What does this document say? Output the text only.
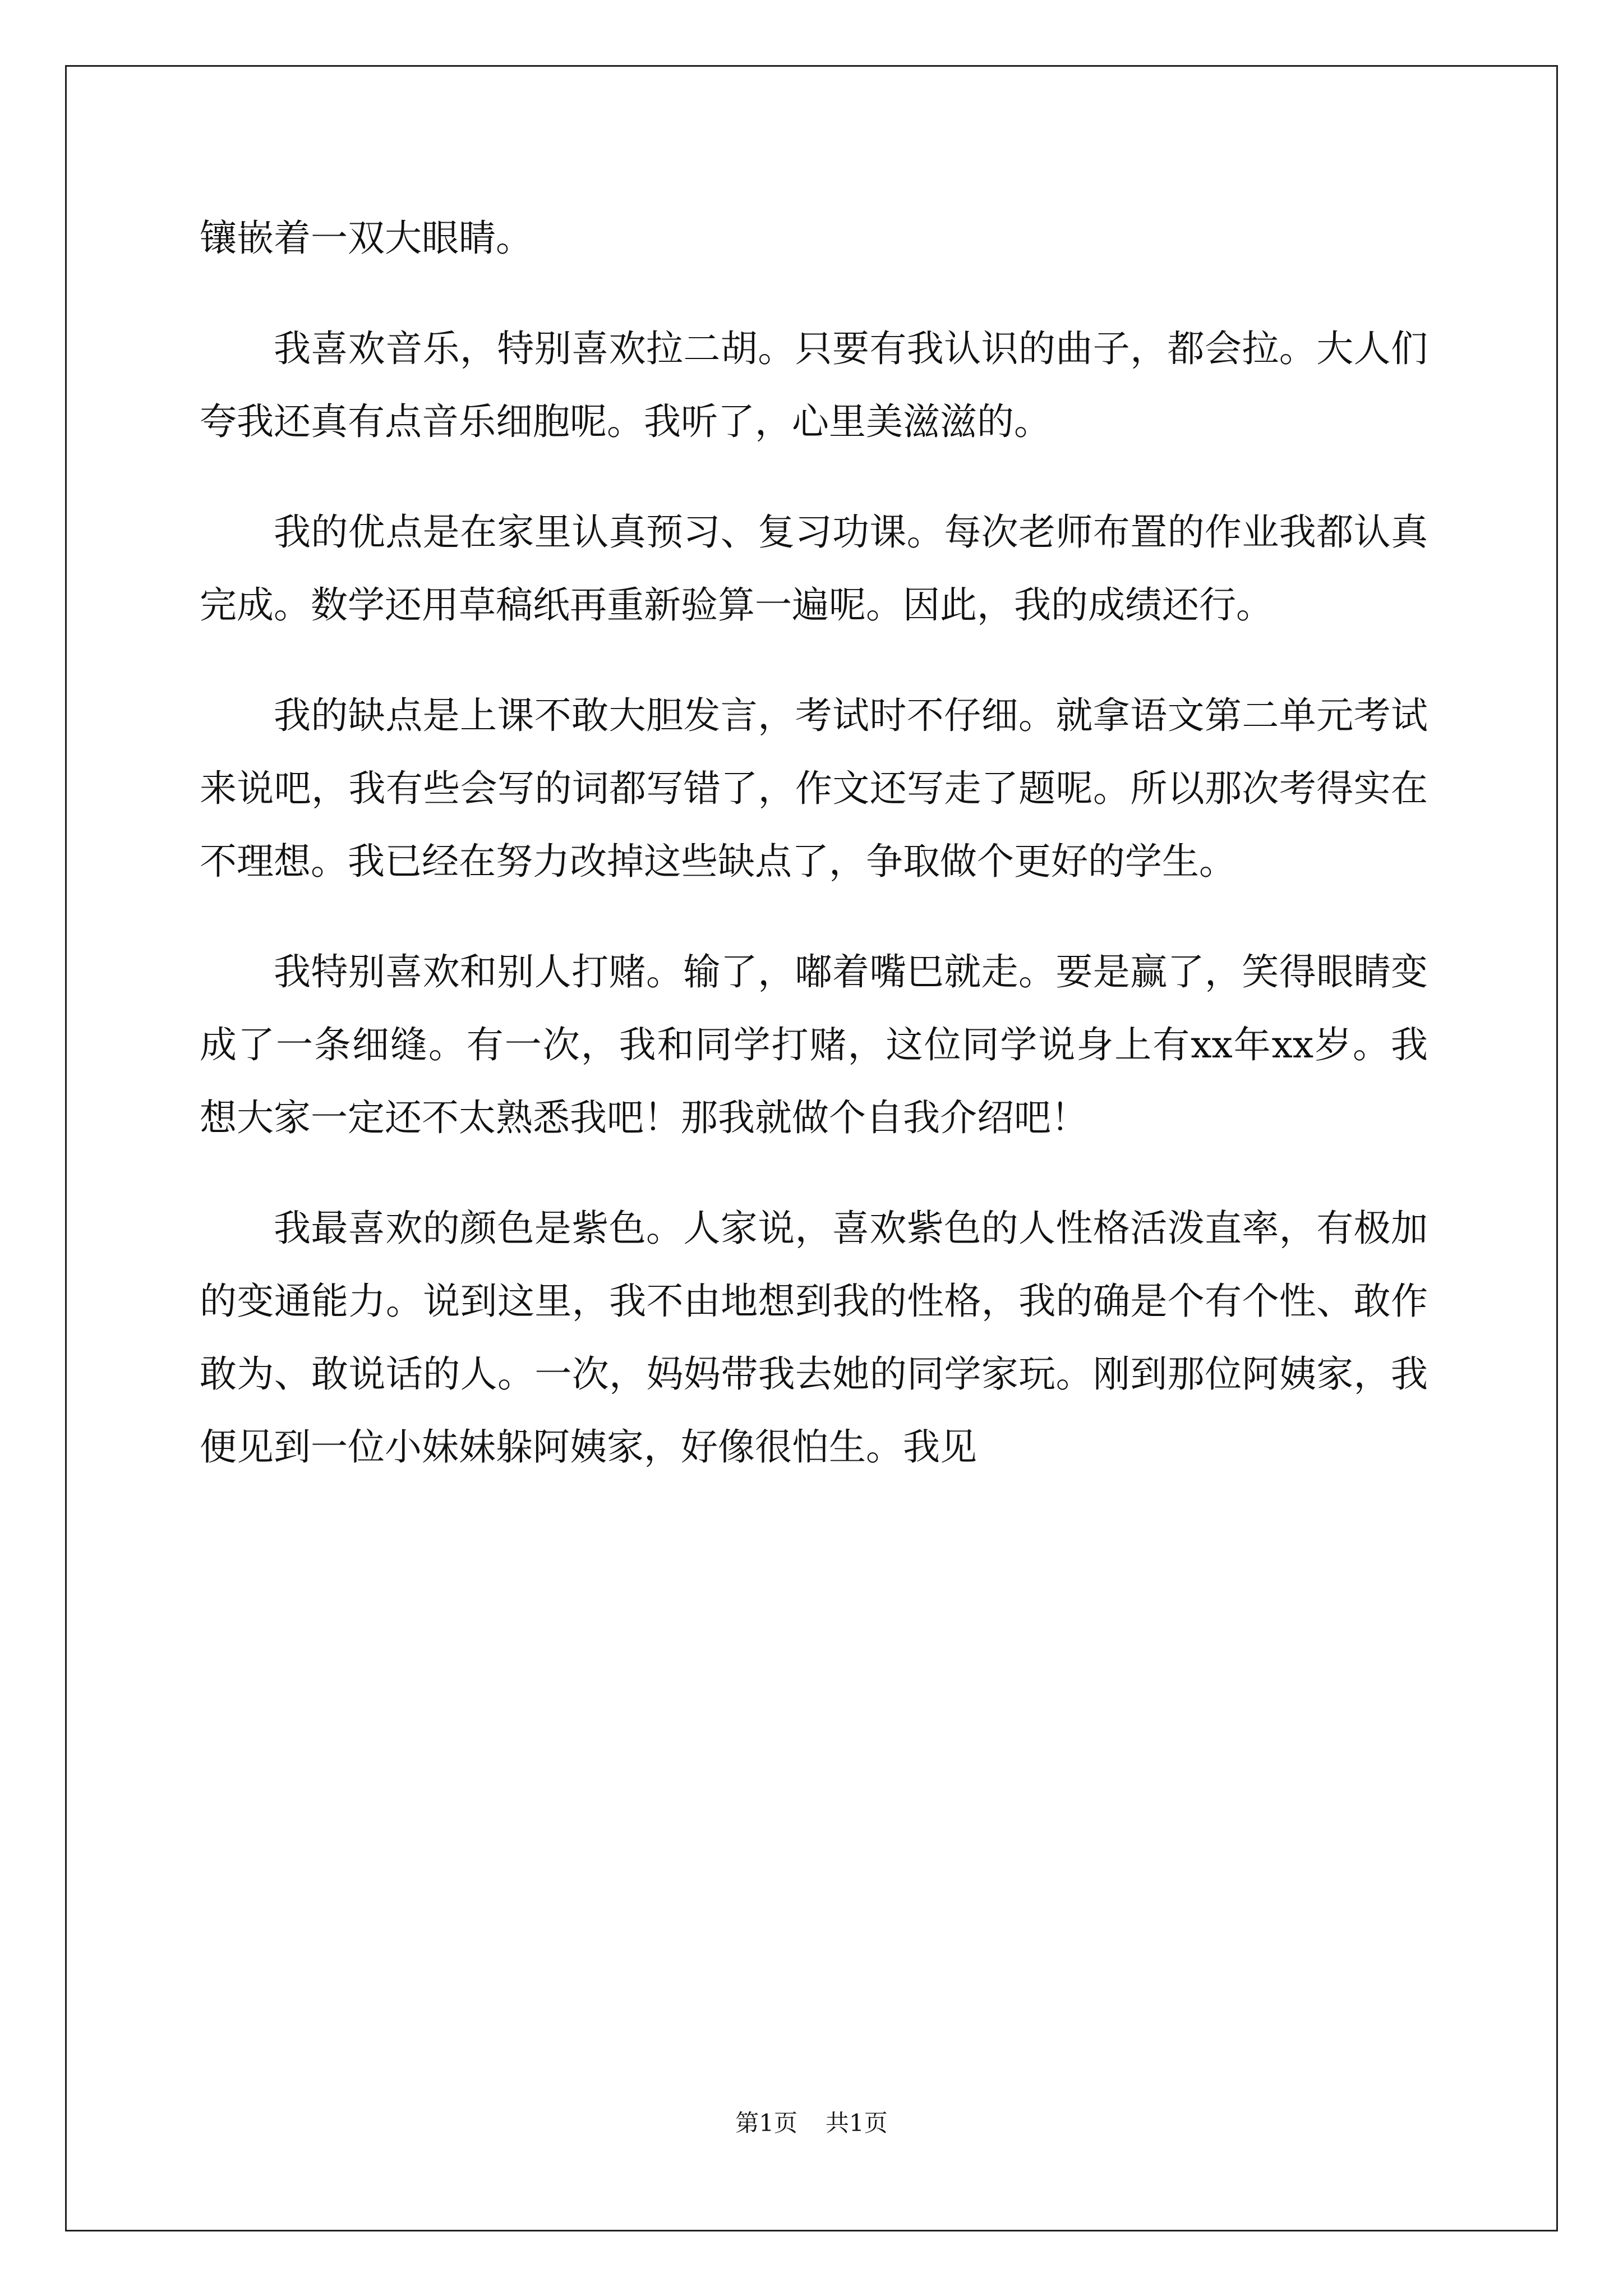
镶嵌着一双大眼睛。

我喜欢音乐，特别喜欢拉二胡。只要有我认识的曲子，都会拉。大人们夸我还真有点音乐细胞呢。我听了，心里美滋滋的。

我的优点是在家里认真预习、复习功课。每次老师布置的作业我都认真完成。数学还用草稿纸再重新验算一遍呢。因此，我的成绩还行。

我的缺点是上课不敢大胆发言，考试时不仔细。就拿语文第二单元考试来说吧，我有些会写的词都写错了，作文还写走了题呢。所以那次考得实在不理想。我已经在努力改掉这些缺点了，争取做个更好的学生。

我特别喜欢和别人打赌。输了，嘟着嘴巴就走。要是赢了，笑得眼睛变成了一条细缝。有一次，我和同学打赌，这位同学说身上有xx年xx岁。我想大家一定还不太熟悉我吧！那我就做个自我介绍吧！

我最喜欢的颜色是紫色。人家说，喜欢紫色的人性格活泼直率，有极加的变通能力。说到这里，我不由地想到我的性格，我的确是个有个性、敢作敢为、敢说话的人。一次，妈妈带我去她的同学家玩。刚到那位阿姨家，我便见到一位小妹妹躲阿姨家，好像很怕生。我见

第1页 共1页
